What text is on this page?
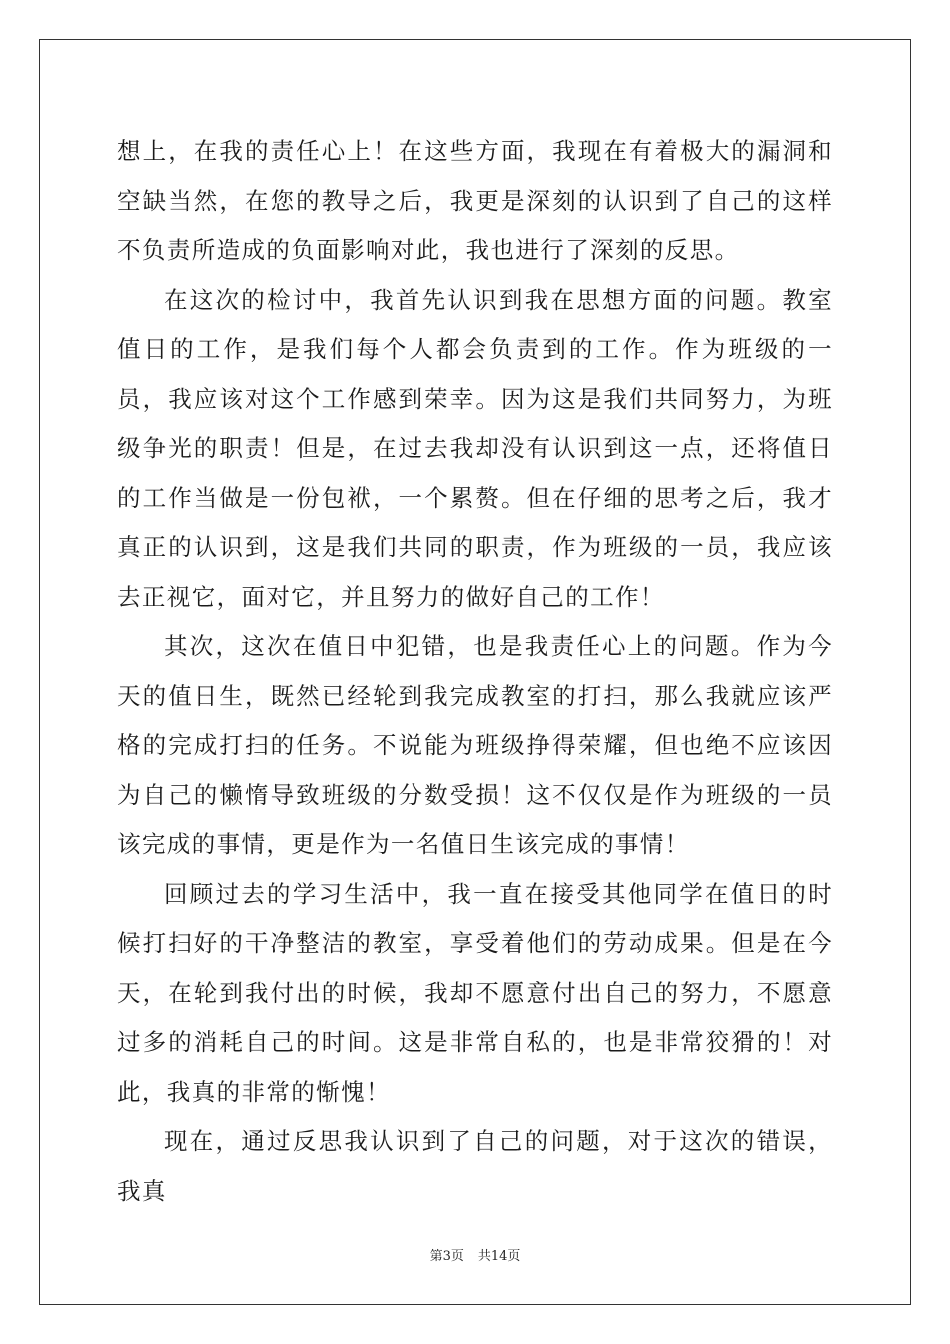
想上，在我的责任心上！在这些方面，我现在有着极大的漏洞和空缺当然，在您的教导之后，我更是深刻的认识到了自己的这样不负责所造成的负面影响对此，我也进行了深刻的反思。

在这次的检讨中，我首先认识到我在思想方面的问题。教室值日的工作，是我们每个人都会负责到的工作。作为班级的一员，我应该对这个工作感到荣幸。因为这是我们共同努力，为班级争光的职责！但是，在过去我却没有认识到这一点，还将值日的工作当做是一份包袱，一个累赘。但在仔细的思考之后，我才真正的认识到，这是我们共同的职责，作为班级的一员，我应该去正视它，面对它，并且努力的做好自己的工作！

其次，这次在值日中犯错，也是我责任心上的问题。作为今天的值日生，既然已经轮到我完成教室的打扫，那么我就应该严格的完成打扫的任务。不说能为班级挣得荣耀，但也绝不应该因为自己的懒惰导致班级的分数受损！这不仅仅是作为班级的一员该完成的事情，更是作为一名值日生该完成的事情！

回顾过去的学习生活中，我一直在接受其他同学在值日的时候打扫好的干净整洁的教室，享受着他们的劳动成果。但是在今天，在轮到我付出的时候，我却不愿意付出自己的努力，不愿意过多的消耗自己的时间。这是非常自私的，也是非常狡猾的！对此，我真的非常的惭愧！

现在，通过反思我认识到了自己的问题，对于这次的错误，我真

第3页 共14页
